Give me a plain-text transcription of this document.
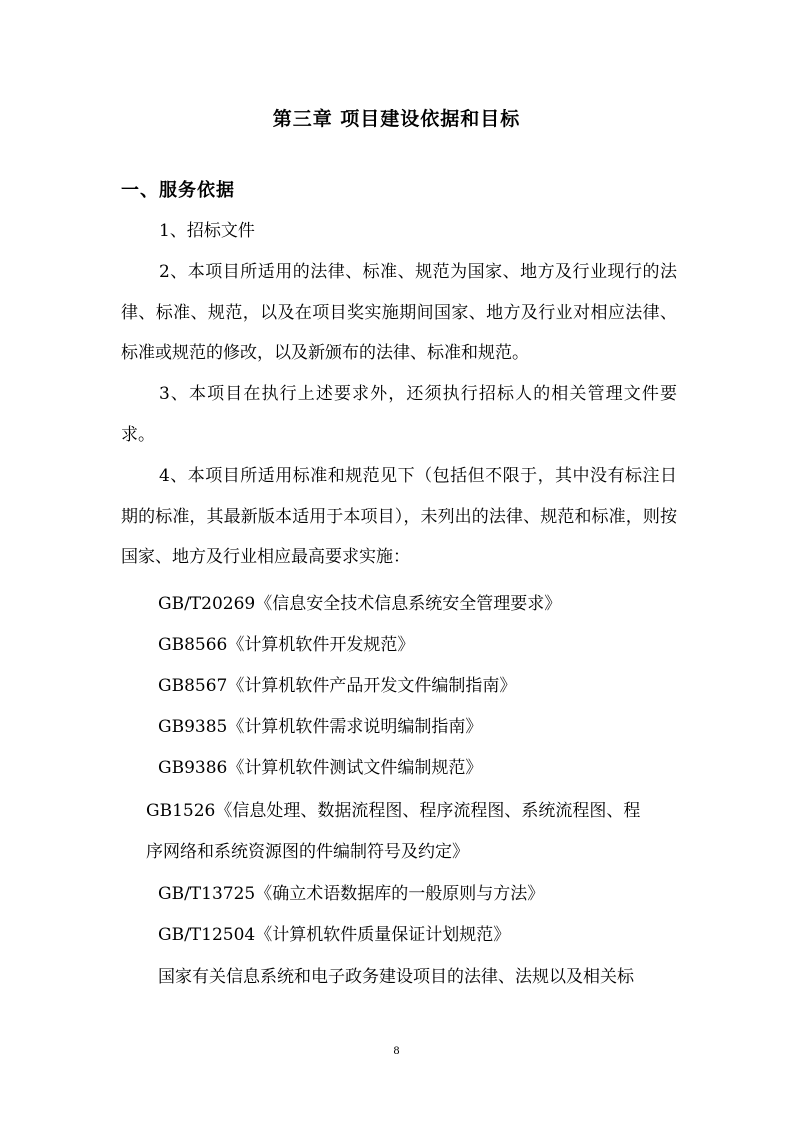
第三章 项目建设依据和目标
一、服务依据
1、招标文件
2、本项目所适用的法律、标准、规范为国家、地方及行业现行的法律、标准、规范，以及在项目奖实施期间国家、地方及行业对相应法律、标准或规范的修改，以及新颁布的法律、标准和规范。
3、本项目在执行上述要求外，还须执行招标人的相关管理文件要求。
4、本项目所适用标准和规范见下（包括但不限于，其中没有标注日期的标准，其最新版本适用于本项目），未列出的法律、规范和标准，则按国家、地方及行业相应最高要求实施：
GB/T20269《信息安全技术信息系统安全管理要求》
GB8566《计算机软件开发规范》
GB8567《计算机软件产品开发文件编制指南》
GB9385《计算机软件需求说明编制指南》
GB9386《计算机软件测试文件编制规范》
GB1526《信息处理、数据流程图、程序流程图、系统流程图、程
序网络和系统资源图的件编制符号及约定》
GB/T13725《确立术语数据库的一般原则与方法》
GB/T12504《计算机软件质量保证计划规范》
国家有关信息系统和电子政务建设项目的法律、法规以及相关标
8
